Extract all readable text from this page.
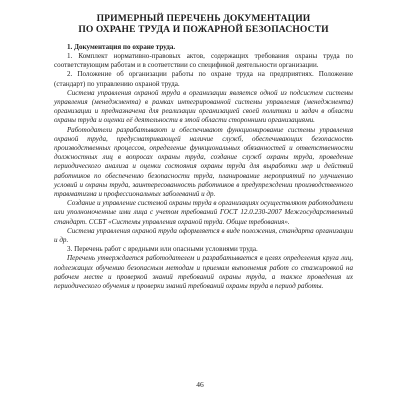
ПРИМЕРНЫЙ ПЕРЕЧЕНЬ ДОКУМЕНТАЦИИ
ПО ОХРАНЕ ТРУДА И ПОЖАРНОЙ БЕЗОПАСНОСТИ
1. Документация по охране труда.

1. Комплект нормативно-правовых актов, содержащих требования охраны труда по соответствующим работам и в соответствии со спецификой деятельности организации.

2. Положение об организации работы по охране труда на предприятиях. Положение (стандарт) по управлению охраной труда.

Система управления охраной труда в организации является одной из подсистем системы управления (менеджмента) в рамках интегрированной системы управления (менеджмента) организации и предназначена для реализации организацией своей политики и задач в области охраны труда и оценки её деятельности в этой области сторонними организациями.

Работодатели разрабатывают и обеспечивают функционирование системы управления охраной труда, предусматривающей наличие служб, обеспечивающих безопасность производственных процессов, определение функциональных обязанностей и ответственности должностных лиц в вопросах охраны труда, создание служб охраны труда, проведение периодического анализа и оценки состояния охраны труда для выработки мер и действий работников по обеспечению безопасности труда, планирование мероприятий по улучшению условий и охраны труда, заинтересованность работников в предупреждении производственного травматизма и профессиональных заболеваний и др.

Создание и управление системой охраны труда в организациях осуществляют работодатели или уполномоченные ими лица с учетом требований ГОСТ 12.0.230-2007 Межгосударственный стандарт. ССБТ «Системы управления охраной труда. Общие требования».

Система управления охраной труда оформляется в виде положения, стандарта организации и др.

3. Перечень работ с вредными или опасными условиями труда.

Перечень утверждается работодателем и разрабатывается в целях определения круга лиц, подлежащих обучению безопасным методам и приемам выполнения работ со стажировкой на рабочем месте и проверкой знаний требований охраны труда, а также проведения их периодического обучения и проверки знаний требований охраны труда в период работы.

46
